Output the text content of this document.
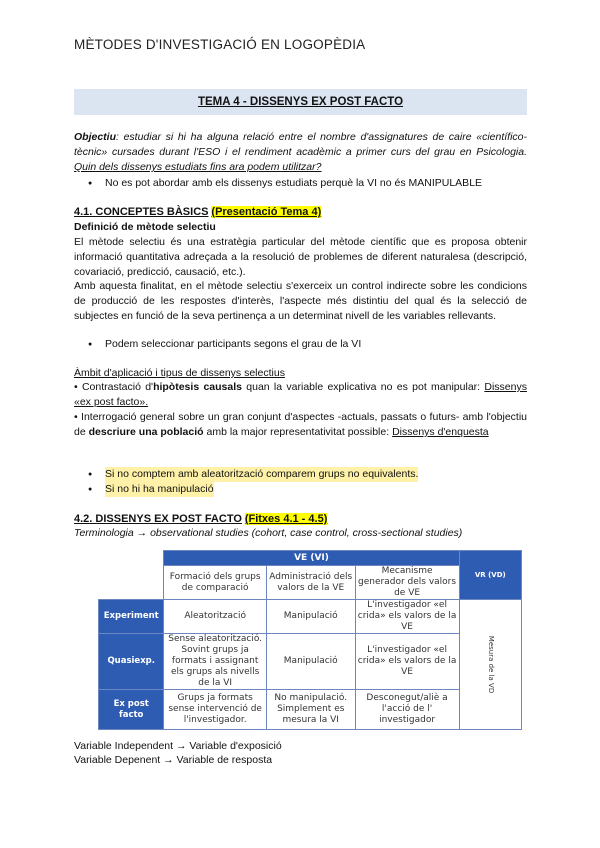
MÈTODES D'INVESTIGACIÓ EN LOGOPÈDIA
TEMA 4 - DISSENYS EX POST FACTO
Objectiu: estudiar si hi ha alguna relació entre el nombre d'assignatures de caire «científico-tècnic» cursades durant l'ESO i el rendiment acadèmic a primer curs del grau en Psicologia. Quin dels dissenys estudiats fins ara podem utilitzar?
● No es pot abordar amb els dissenys estudiats perquè la VI no és MANIPULABLE
4.1. CONCEPTES BÀSICS (Presentació Tema 4)
Definició de mètode selectiu
El mètode selectiu és una estratègia particular del mètode científic que es proposa obtenir informació quantitativa adreçada a la resolució de problemes de diferent naturalesa (descripció, covariació, predicció, causació, etc.).
Amb aquesta finalitat, en el mètode selectiu s'exerceix un control indirecte sobre les condicions de producció de les respostes d'interès, l'aspecte més distintiu del qual és la selecció de subjectes en funció de la seva pertinença a un determinat nivell de les variables rellevants.
● Podem seleccionar participants segons el grau de la VI
Àmbit d'aplicació i tipus de dissenys selectius
• Contrastació d'hipòtesis causals quan la variable explicativa no es pot manipular: Dissenys «ex post facto».
• Interrogació general sobre un gran conjunt d'aspectes -actuals, passats o futurs- amb l'objectiu de descriure una població amb la major representativitat possible: Dissenys d'enquesta
● Si no comptem amb aleatorització comparem grups no equivalents.
● Si no hi ha manipulació
4.2. DISSENYS EX POST FACTO (Fitxes 4.1 - 4.5)
Terminologia → observational studies (cohort, case control, cross-sectional studies)
	VE (VI)			VR (VD)
	Formació dels grups de comparació	Administració dels valors de la VE	Mecanisme generador dels valors de VE	
Experiment	Aleatorització	Manipulació	L'investigador «el crida» els valors de la VE	Mesura de la VD
Quasiexp.	Sense aleatorització. Sovint grups ja formats i assignant els grups als nivells de la VI	Manipulació	L'investigador «el crida» els valors de la VE	
Ex post facto	Grups ja formats sense intervenció de l'investigador.	No manipulació. Simplement es mesura la VI	Desconegut/aliè a l'acció de l' investigador	
Variable Independent → Variable d'exposició
Variable Depenent → Variable de resposta
